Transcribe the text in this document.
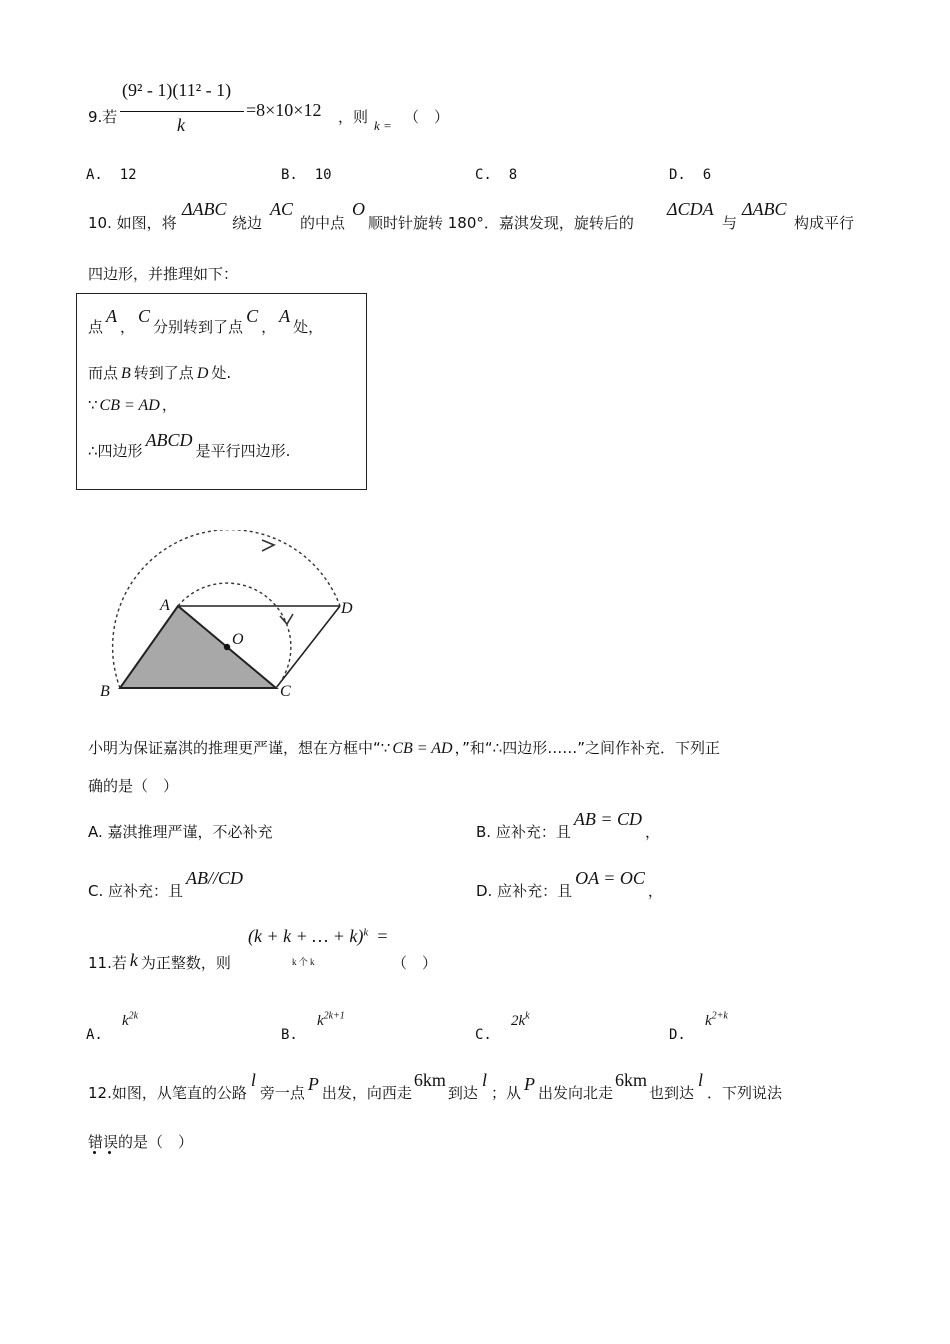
9.若
(9² - 1)(11² - 1)
k
=8×10×12 ，则 k = （　）
A. 12	B. 10	C. 8	D. 6
10. 如图，将
ΔABC
绕边
AC
的中点
O
顺时针旋转 180°．嘉淇发现，旋转后的
ΔCDA
与
ΔABC
构成平行
四边形，并推理如下：
点A，C分别转到了点C，A处，
而点 B 转到了点 D 处.
∵ CB = AD ，
∴四边形ABCD是平行四边形.
A
B	C
D
O
小明为保证嘉淇的推理更严谨，想在方框中“∵ CB = AD ，”和“∴四边形……”之间作补充．下列正
确的是（　）
A. 嘉淇推理严谨，不必补充	B. 应补充：且AB = CD，
C. 应补充：且AB//CD
D. 应补充：且OA = OC，
11.若 k 为正整数，则
(k + k + … + k)$^k$ =
k 个 k	（　）
A. $k^{2k}$
B. $k^{2k+1}$
C. $2k^k$
D. $k^{2+k}$
12.如图，从笔直的公路l旁一点 P 出发，向西走6km到达l；从 P 出发向北走6km也到达l．下列说法
错误的是（　）
